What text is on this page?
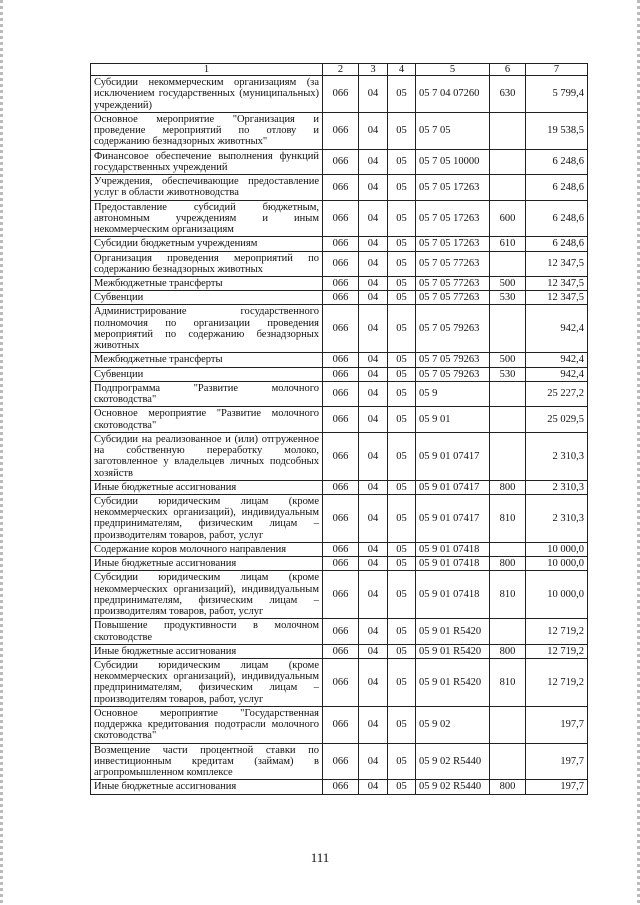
1	2	3	4	5	6	7
Субсидии некоммерческим организациям (за исключением государственных (муниципальных) учреждений)	066	04	05	05 7 04 07260	630	5 799,4
Основное мероприятие "Организация и проведение мероприятий по отлову и содержанию безнадзорных животных"	066	04	05	05 7 05		19 538,5
Финансовое обеспечение выполнения функций государственных учреждений	066	04	05	05 7 05 10000		6 248,6
Учреждения, обеспечивающие предоставление услуг в области животноводства	066	04	05	05 7 05 17263		6 248,6
Предоставление субсидий бюджетным, автономным учреждениям и иным некоммерческим организациям	066	04	05	05 7 05 17263	600	6 248,6
Субсидии бюджетным учреждениям	066	04	05	05 7 05 17263	610	6 248,6
Организация проведения мероприятий по содержанию безнадзорных животных	066	04	05	05 7 05 77263		12 347,5
Межбюджетные трансферты	066	04	05	05 7 05 77263	500	12 347,5
Субвенции	066	04	05	05 7 05 77263	530	12 347,5
Администрирование государственного полномочия по организации проведения мероприятий по содержанию безнадзорных животных	066	04	05	05 7 05 79263		942,4
Межбюджетные трансферты	066	04	05	05 7 05 79263	500	942,4
Субвенции	066	04	05	05 7 05 79263	530	942,4
Подпрограмма "Развитие молочного скотоводства"	066	04	05	05 9		25 227,2
Основное мероприятие "Развитие молочного скотоводства"	066	04	05	05 9 01		25 029,5
Субсидии на реализованное и (или) отгруженное на собственную переработку молоко, заготовленное у владельцев личных подсобных хозяйств	066	04	05	05 9 01 07417		2 310,3
Иные бюджетные ассигнования	066	04	05	05 9 01 07417	800	2 310,3
Субсидии юридическим лицам (кроме некоммерческих организаций), индивидуальным предпринимателям, физическим лицам – производителям товаров, работ, услуг	066	04	05	05 9 01 07417	810	2 310,3
Содержание коров молочного направления	066	04	05	05 9 01 07418		10 000,0
Иные бюджетные ассигнования	066	04	05	05 9 01 07418	800	10 000,0
Субсидии юридическим лицам (кроме некоммерческих организаций), индивидуальным предпринимателям, физическим лицам – производителям товаров, работ, услуг	066	04	05	05 9 01 07418	810	10 000,0
Повышение продуктивности в молочном скотоводстве	066	04	05	05 9 01 R5420		12 719,2
Иные бюджетные ассигнования	066	04	05	05 9 01 R5420	800	12 719,2
Субсидии юридическим лицам (кроме некоммерческих организаций), индивидуальным предпринимателям, физическим лицам – производителям товаров, работ, услуг	066	04	05	05 9 01 R5420	810	12 719,2
Основное мероприятие "Государственная поддержка кредитования подотрасли молочного скотоводства"	066	04	05	05 9 02		197,7
Возмещение части процентной ставки по инвестиционным кредитам (займам) в агропромышленном комплексе	066	04	05	05 9 02 R5440		197,7
Иные бюджетные ассигнования	066	04	05	05 9 02 R5440	800	197,7
111
